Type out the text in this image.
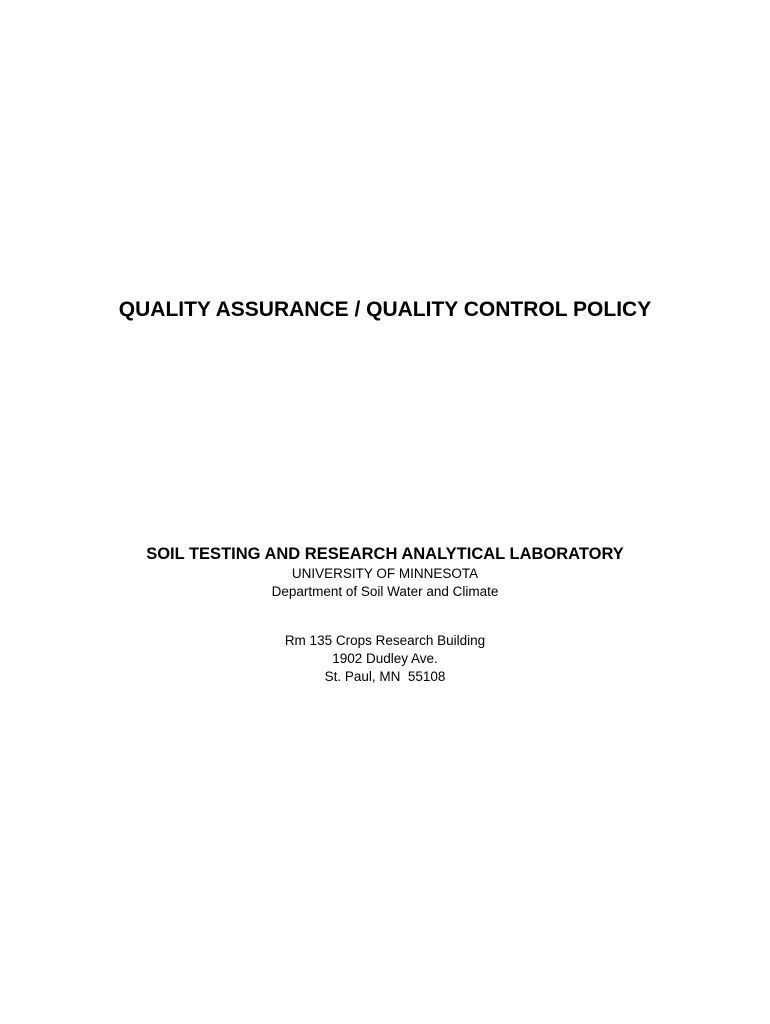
QUALITY ASSURANCE / QUALITY CONTROL POLICY
SOIL TESTING AND RESEARCH ANALYTICAL LABORATORY
UNIVERSITY OF MINNESOTA
Department of Soil Water and Climate
Rm 135 Crops Research Building
1902 Dudley Ave.
St. Paul, MN  55108
